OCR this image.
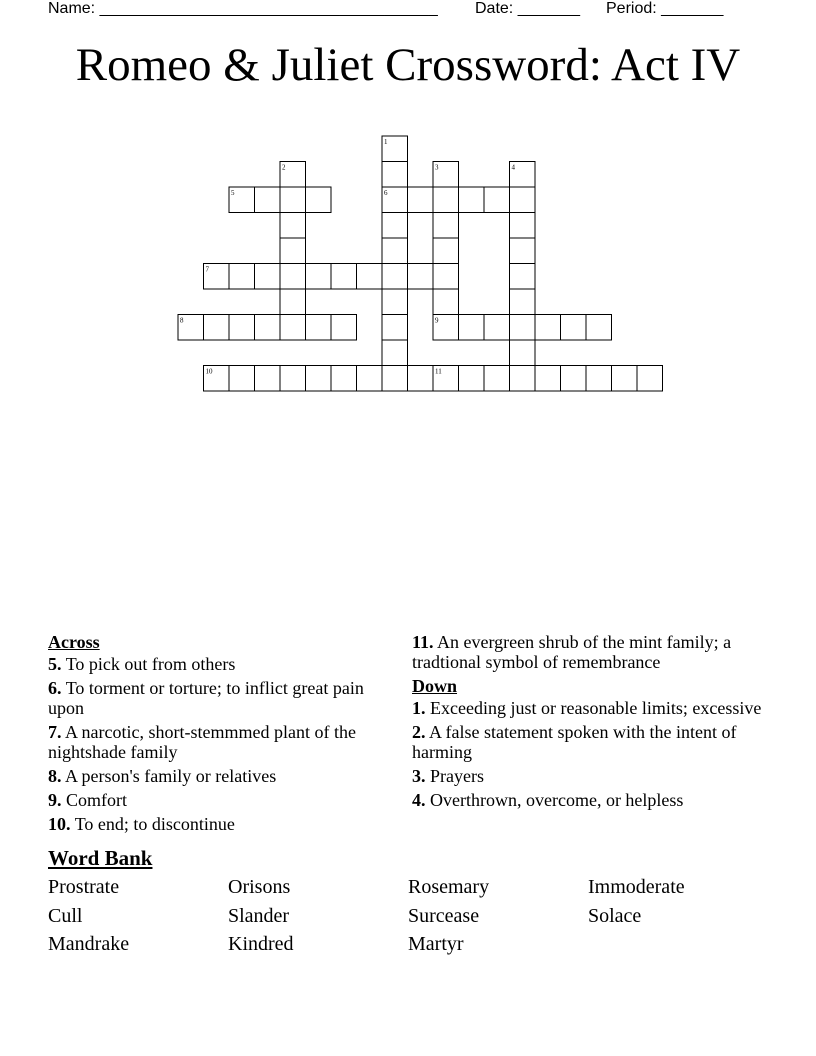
Name: ______________________________________ Date: _______ Period: _______
Romeo & Juliet Crossword: Act IV
1
2	3	4
5	6
7
8	9
10	11
Across
5. To pick out from others
6. To torment or torture; to inflict great pain upon
7. A narcotic, short-stemmmed plant of the nightshade family
8. A person's family or relatives
9. Comfort
10. To end; to discontinue
11. An evergreen shrub of the mint family; a tradtional symbol of remembrance
Down
1. Exceeding just or reasonable limits; excessive
2. A false statement spoken with the intent of harming
3. Prayers
4. Overthrown, overcome, or helpless
Word Bank
Prostrate	Orisons	Rosemary	Immoderate
Cull	Slander	Surcease	Solace
Mandrake	Kindred	Martyr
